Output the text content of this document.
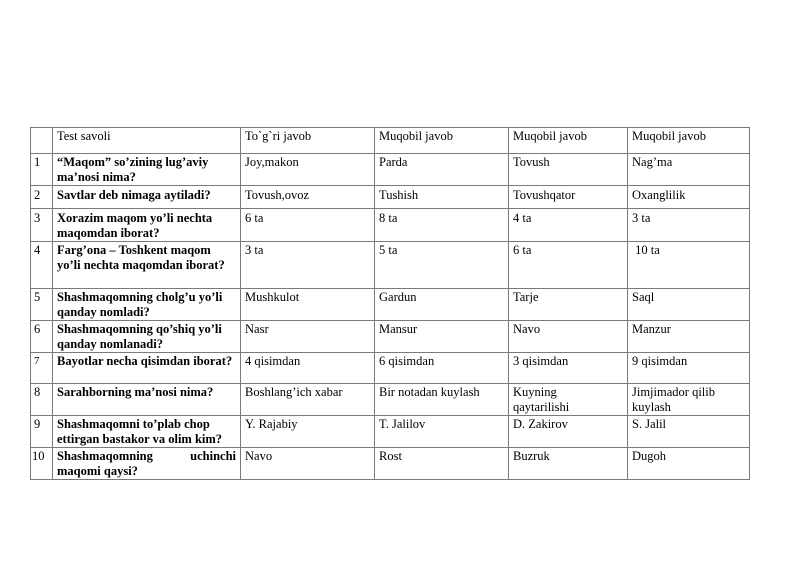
	Test savoli	To`g`ri javob	Muqobil javob	Muqobil javob	Muqobil javob
1	“Maqom” so’zining lug’aviy ma’nosi nima?	Joy,makon	Parda	Tovush	Nag’ma
2	Savtlar deb nimaga aytiladi?	Tovush,ovoz	Tushish	Tovushqator	Oxanglilik
3	Xorazim maqom yo’li nechta maqomdan iborat?	6 ta	8 ta	4 ta	3 ta
4	Farg’ona – Toshkent maqom yo’li nechta maqomdan iborat?	3 ta	5 ta	6 ta	10 ta
5	Shashmaqomning cholg’u yo’li qanday nomladi?	Mushkulot	Gardun	Tarje	Saql
6	Shashmaqomning qo’shiq yo’li qanday nomlanadi?	Nasr	Mansur	Navo	Manzur
7	Bayotlar necha qisimdan iborat?	4 qisimdan	6 qisimdan	3 qisimdan	9 qisimdan
8	Sarahborning ma’nosi nima?	Boshlang’ich xabar	Bir notadan kuylash	Kuyning qaytarilishi	Jimjimador qilib kuylash
9	Shashmaqomni to’plab chop ettirgan bastakor va olim kim?	Y. Rajabiy	T. Jalilov	D. Zakirov	S. Jalil
10	Shashmaqomning uchinchi maqomi qaysi?	Navo	Rost	Buzruk	Dugoh
